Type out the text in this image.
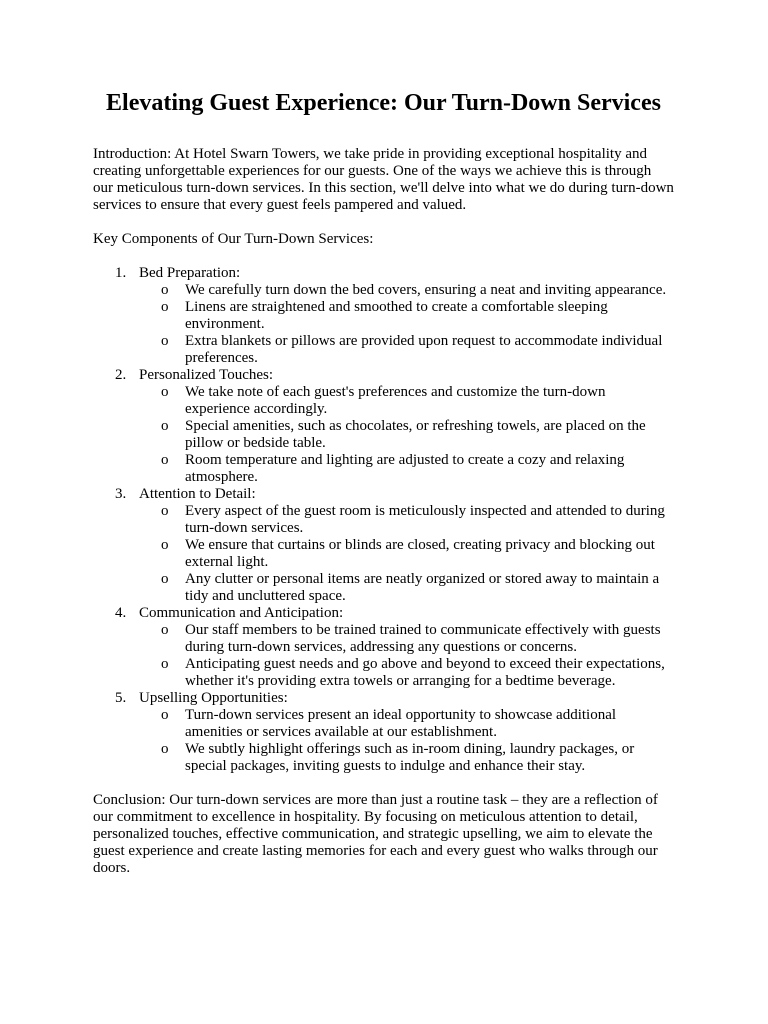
Elevating Guest Experience: Our Turn-Down Services

Introduction: At Hotel Swarn Towers, we take pride in providing exceptional hospitality and creating unforgettable experiences for our guests. One of the ways we achieve this is through our meticulous turn-down services. In this section, we'll delve into what we do during turn-down services to ensure that every guest feels pampered and valued.

Key Components of Our Turn-Down Services:

1. Bed Preparation:
o We carefully turn down the bed covers, ensuring a neat and inviting appearance.
o Linens are straightened and smoothed to create a comfortable sleeping environment.
o Extra blankets or pillows are provided upon request to accommodate individual preferences.
2. Personalized Touches:
o We take note of each guest's preferences and customize the turn-down experience accordingly.
o Special amenities, such as chocolates, or refreshing towels, are placed on the pillow or bedside table.
o Room temperature and lighting are adjusted to create a cozy and relaxing atmosphere.
3. Attention to Detail:
o Every aspect of the guest room is meticulously inspected and attended to during turn-down services.
o We ensure that curtains or blinds are closed, creating privacy and blocking out external light.
o Any clutter or personal items are neatly organized or stored away to maintain a tidy and uncluttered space.
4. Communication and Anticipation:
o Our staff members to be trained trained to communicate effectively with guests during turn-down services, addressing any questions or concerns.
o Anticipating guest needs and go above and beyond to exceed their expectations, whether it's providing extra towels or arranging for a bedtime beverage.
5. Upselling Opportunities:
o Turn-down services present an ideal opportunity to showcase additional amenities or services available at our establishment.
o We subtly highlight offerings such as in-room dining, laundry packages, or special packages, inviting guests to indulge and enhance their stay.

Conclusion: Our turn-down services are more than just a routine task – they are a reflection of our commitment to excellence in hospitality. By focusing on meticulous attention to detail, personalized touches, effective communication, and strategic upselling, we aim to elevate the guest experience and create lasting memories for each and every guest who walks through our doors.
